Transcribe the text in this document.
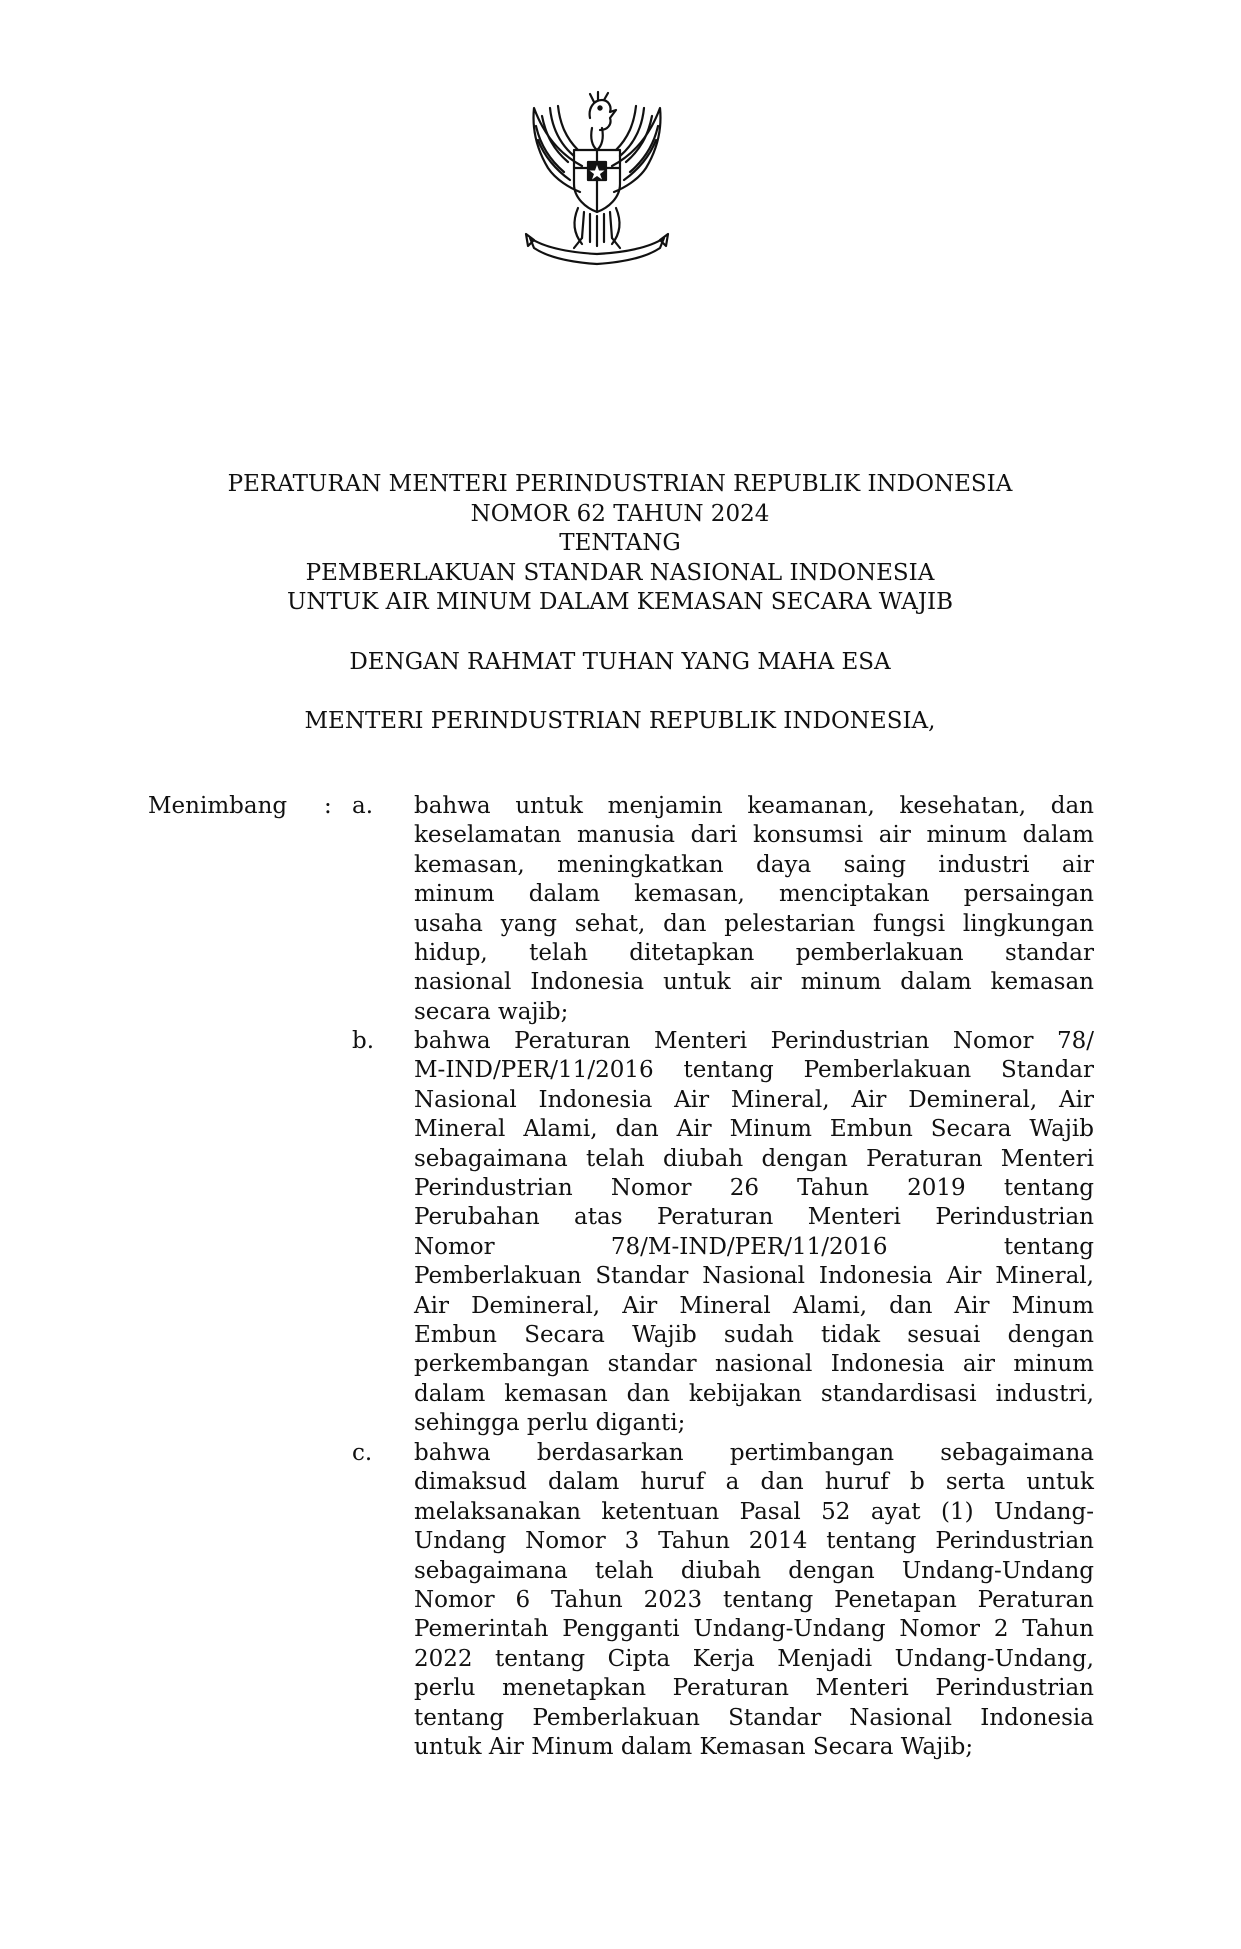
PERATURAN MENTERI PERINDUSTRIAN REPUBLIK INDONESIA
NOMOR 62 TAHUN 2024
TENTANG
PEMBERLAKUAN STANDAR NASIONAL INDONESIA
UNTUK AIR MINUM DALAM KEMASAN SECARA WAJIB
DENGAN RAHMAT TUHAN YANG MAHA ESA
MENTERI PERINDUSTRIAN REPUBLIK INDONESIA,
Menimbang : a. bahwa untuk menjamin keamanan, kesehatan, dan
keselamatan manusia dari konsumsi air minum dalam
kemasan, meningkatkan daya saing industri air
minum dalam kemasan, menciptakan persaingan
usaha yang sehat, dan pelestarian fungsi lingkungan
hidup, telah ditetapkan pemberlakuan standar
nasional Indonesia untuk air minum dalam kemasan
secara wajib;
b. bahwa Peraturan Menteri Perindustrian Nomor 78/
M-IND/PER/11/2016 tentang Pemberlakuan Standar
Nasional Indonesia Air Mineral, Air Demineral, Air
Mineral Alami, dan Air Minum Embun Secara Wajib
sebagaimana telah diubah dengan Peraturan Menteri
Perindustrian Nomor 26 Tahun 2019 tentang
Perubahan atas Peraturan Menteri Perindustrian
Nomor 78/M-IND/PER/11/2016 tentang
Pemberlakuan Standar Nasional Indonesia Air Mineral,
Air Demineral, Air Mineral Alami, dan Air Minum
Embun Secara Wajib sudah tidak sesuai dengan
perkembangan standar nasional Indonesia air minum
dalam kemasan dan kebijakan standardisasi industri,
sehingga perlu diganti;
c. bahwa berdasarkan pertimbangan sebagaimana
dimaksud dalam huruf a dan huruf b serta untuk
melaksanakan ketentuan Pasal 52 ayat (1) Undang-
Undang Nomor 3 Tahun 2014 tentang Perindustrian
sebagaimana telah diubah dengan Undang-Undang
Nomor 6 Tahun 2023 tentang Penetapan Peraturan
Pemerintah Pengganti Undang-Undang Nomor 2 Tahun
2022 tentang Cipta Kerja Menjadi Undang-Undang,
perlu menetapkan Peraturan Menteri Perindustrian
tentang Pemberlakuan Standar Nasional Indonesia
untuk Air Minum dalam Kemasan Secara Wajib;
